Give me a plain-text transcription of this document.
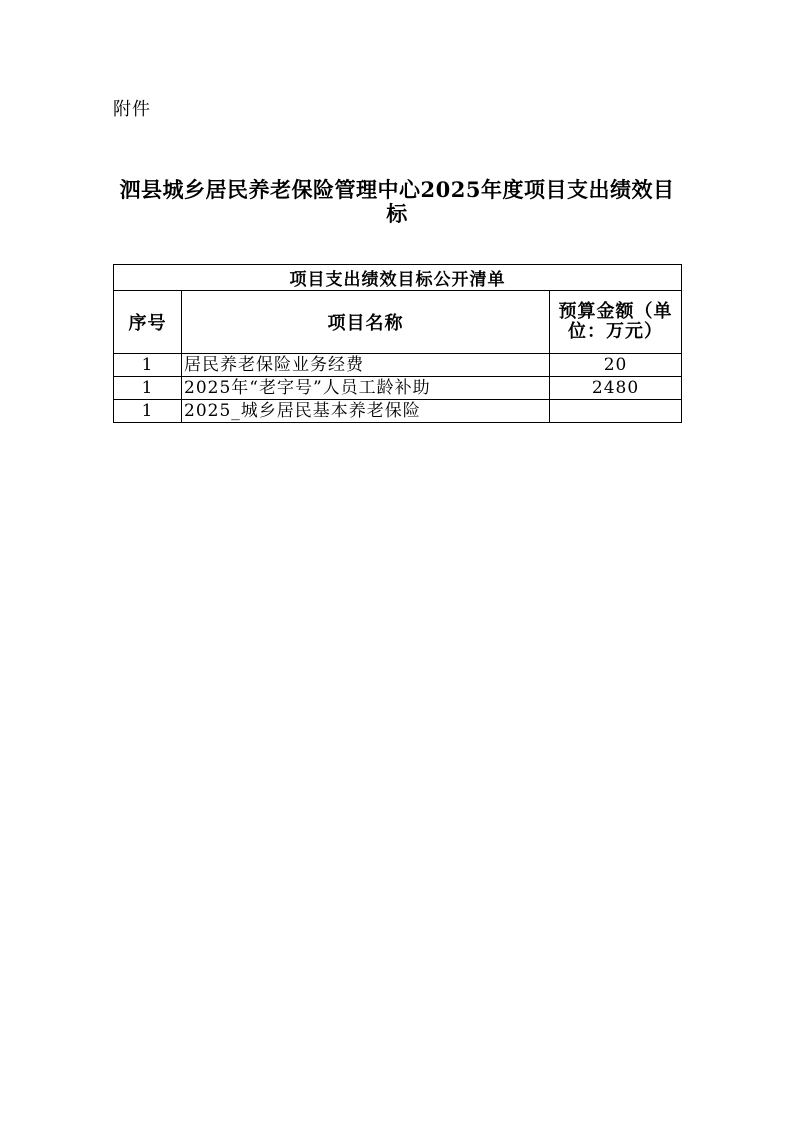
附件
泗县城乡居民养老保险管理中心2025年度项目支出绩效目标
项目支出绩效目标公开清单		
序号	项目名称	预算金额（单位：万元）
1	居民养老保险业务经费	20
1	2025年“老字号”人员工龄补助	2480
1	2025_城乡居民基本养老保险	
